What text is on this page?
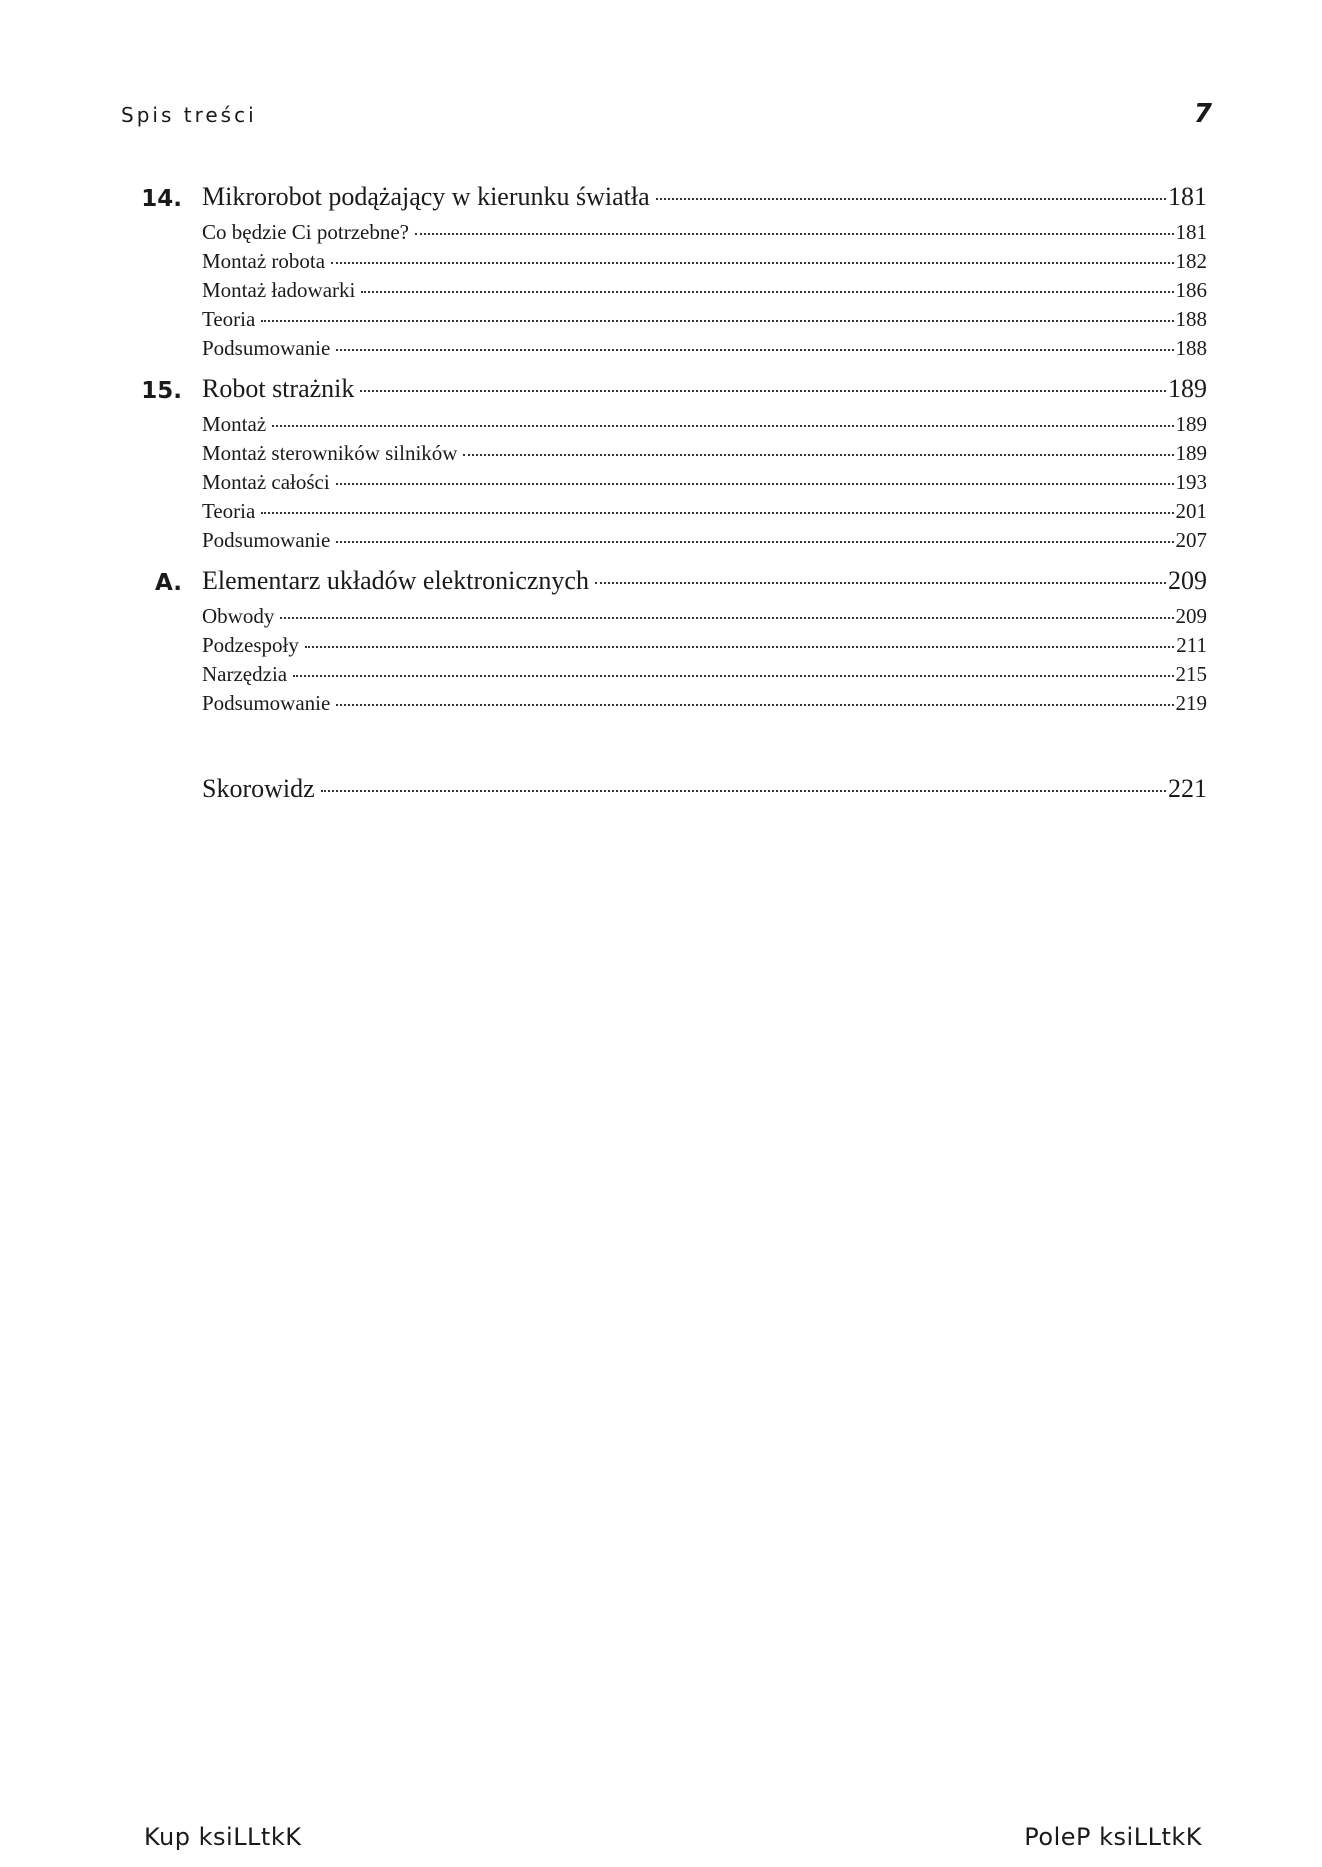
Spis treści	7
14. Mikrorobot podążający w kierunku światła	181
Co będzie Ci potrzebne?	181
Montaż robota	182
Montaż ładowarki	186
Teoria	188
Podsumowanie	188
15. Robot strażnik	189
Montaż	189
Montaż sterowników silników	189
Montaż całości	193
Teoria	201
Podsumowanie	207
A. Elementarz układów elektronicznych	209
Obwody	209
Podzespoły	211
Narzędzia	215
Podsumowanie	219
Skorowidz	221
Kup ksiLLtkK	PoleP ksiLLtkK
